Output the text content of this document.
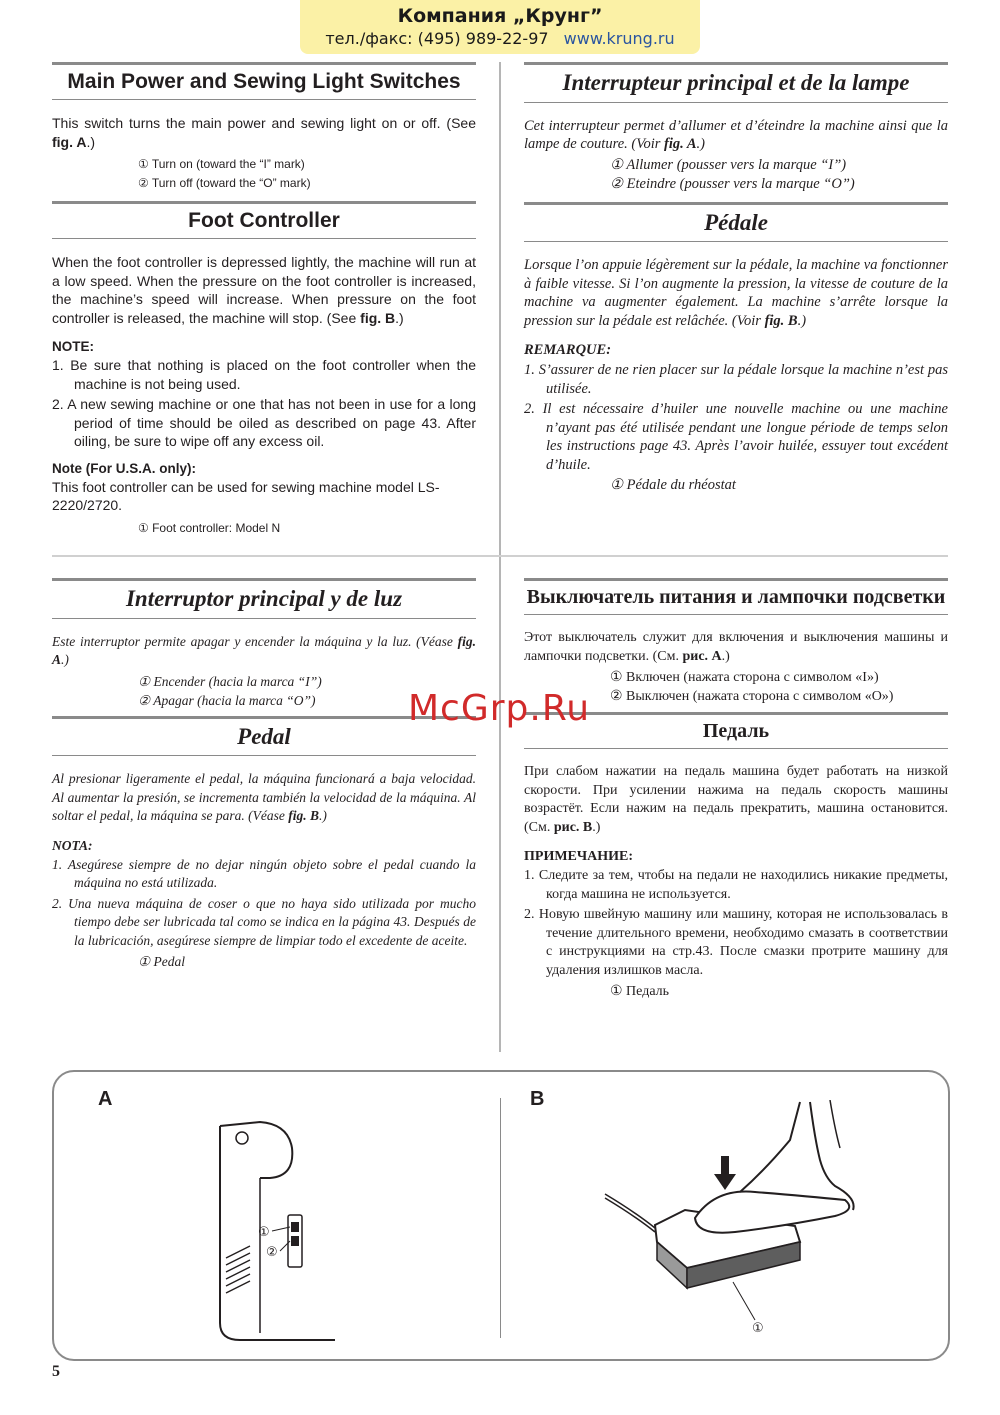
Компания „Крунг”
тел./факс: (495) 989-22-97 www.krung.ru
Main Power and Sewing Light Switches

This switch turns the main power and sewing light on or off. (See fig. A.)

① Turn on (toward the “I” mark)
② Turn off (toward the “O” mark)
Foot Controller

When the foot controller is depressed lightly, the machine will run at a low speed. When the pressure on the foot controller is increased, the machine’s speed will increase. When pressure on the foot controller is released, the machine will stop. (See fig. B.)

NOTE:
1. Be sure that nothing is placed on the foot controller when the machine is not being used.
2. A new sewing machine or one that has not been in use for a long period of time should be oiled as described on page 43. After oiling, be sure to wipe off any excess oil.
Note (For U.S.A. only):

This foot controller can be used for sewing machine model LS-2220/2720.

① Foot controller: Model N
Interrupteur principal et de la lampe

Cet interrupteur permet d’allumer et d’éteindre la machine ainsi que la lampe de couture. (Voir fig. A.)

① Allumer (pousser vers la marque “I”)
② Eteindre (pousser vers la marque “O”)
Pédale

Lorsque l’on appuie légèrement sur la pédale, la machine va fonctionner à faible vitesse. Si l’on augmente la pression, la vitesse de couture de la machine va augmenter également. La machine s’arrête lorsque la pression sur la pédale est relâchée. (Voir fig. B.)

REMARQUE:
1. S’assurer de ne rien placer sur la pédale lorsque la machine n’est pas utilisée.
2. Il est nécessaire d’huiler une nouvelle machine ou une machine n’ayant pas été utilisée pendant une longue période de temps selon les instructions page 43. Après l’avoir huilée, essuyer tout excédent d’huile.
① Pédale du rhéostat
Interruptor principal y de luz

Este interruptor permite apagar y encender la máquina y la luz. (Véase fig. A.)

① Encender (hacia la marca “I”)
② Apagar (hacia la marca “O”)
Pedal

Al presionar ligeramente el pedal, la máquina funcionará a baja velocidad. Al aumentar la presión, se incrementa también la velocidad de la máquina. Al soltar el pedal, la máquina se para. (Véase fig. B.)

NOTA:
1. Asegúrese siempre de no dejar ningún objeto sobre el pedal cuando la máquina no está utilizada.
2. Una nueva máquina de coser o que no haya sido utilizada por mucho tiempo debe ser lubricada tal como se indica en la página 43. Después de la lubricación, asegúrese siempre de limpiar todo el excedente de aceite.
① Pedal
Выключатель питания и лампочки подсветки

Этот выключатель служит для включения и выключения машины и лампочки подсветки. (См. рис. A.)

① Включен (нажата сторона с символом «I»)
② Выключен (нажата сторона с символом «O»)
Педаль

При слабом нажатии на педаль машина будет работать на низкой скорости. При усилении нажима на педаль скорость машины возрастёт. Если нажим на педаль прекратить, машина остановится. (См. рис. B.)

ПРИМЕЧАНИЕ:
1. Следите за тем, чтобы на педали не находились никакие предметы, когда машина не используется.
2. Новую швейную машину или машину, которая не использовалась в течение длительного времени, необходимо смазать в соответствии с инструкциями на стр.43. После смазки протрите машину для удаления излишков масла.
① Педаль
A	B
①
②
①
5
McGrp.Ru
